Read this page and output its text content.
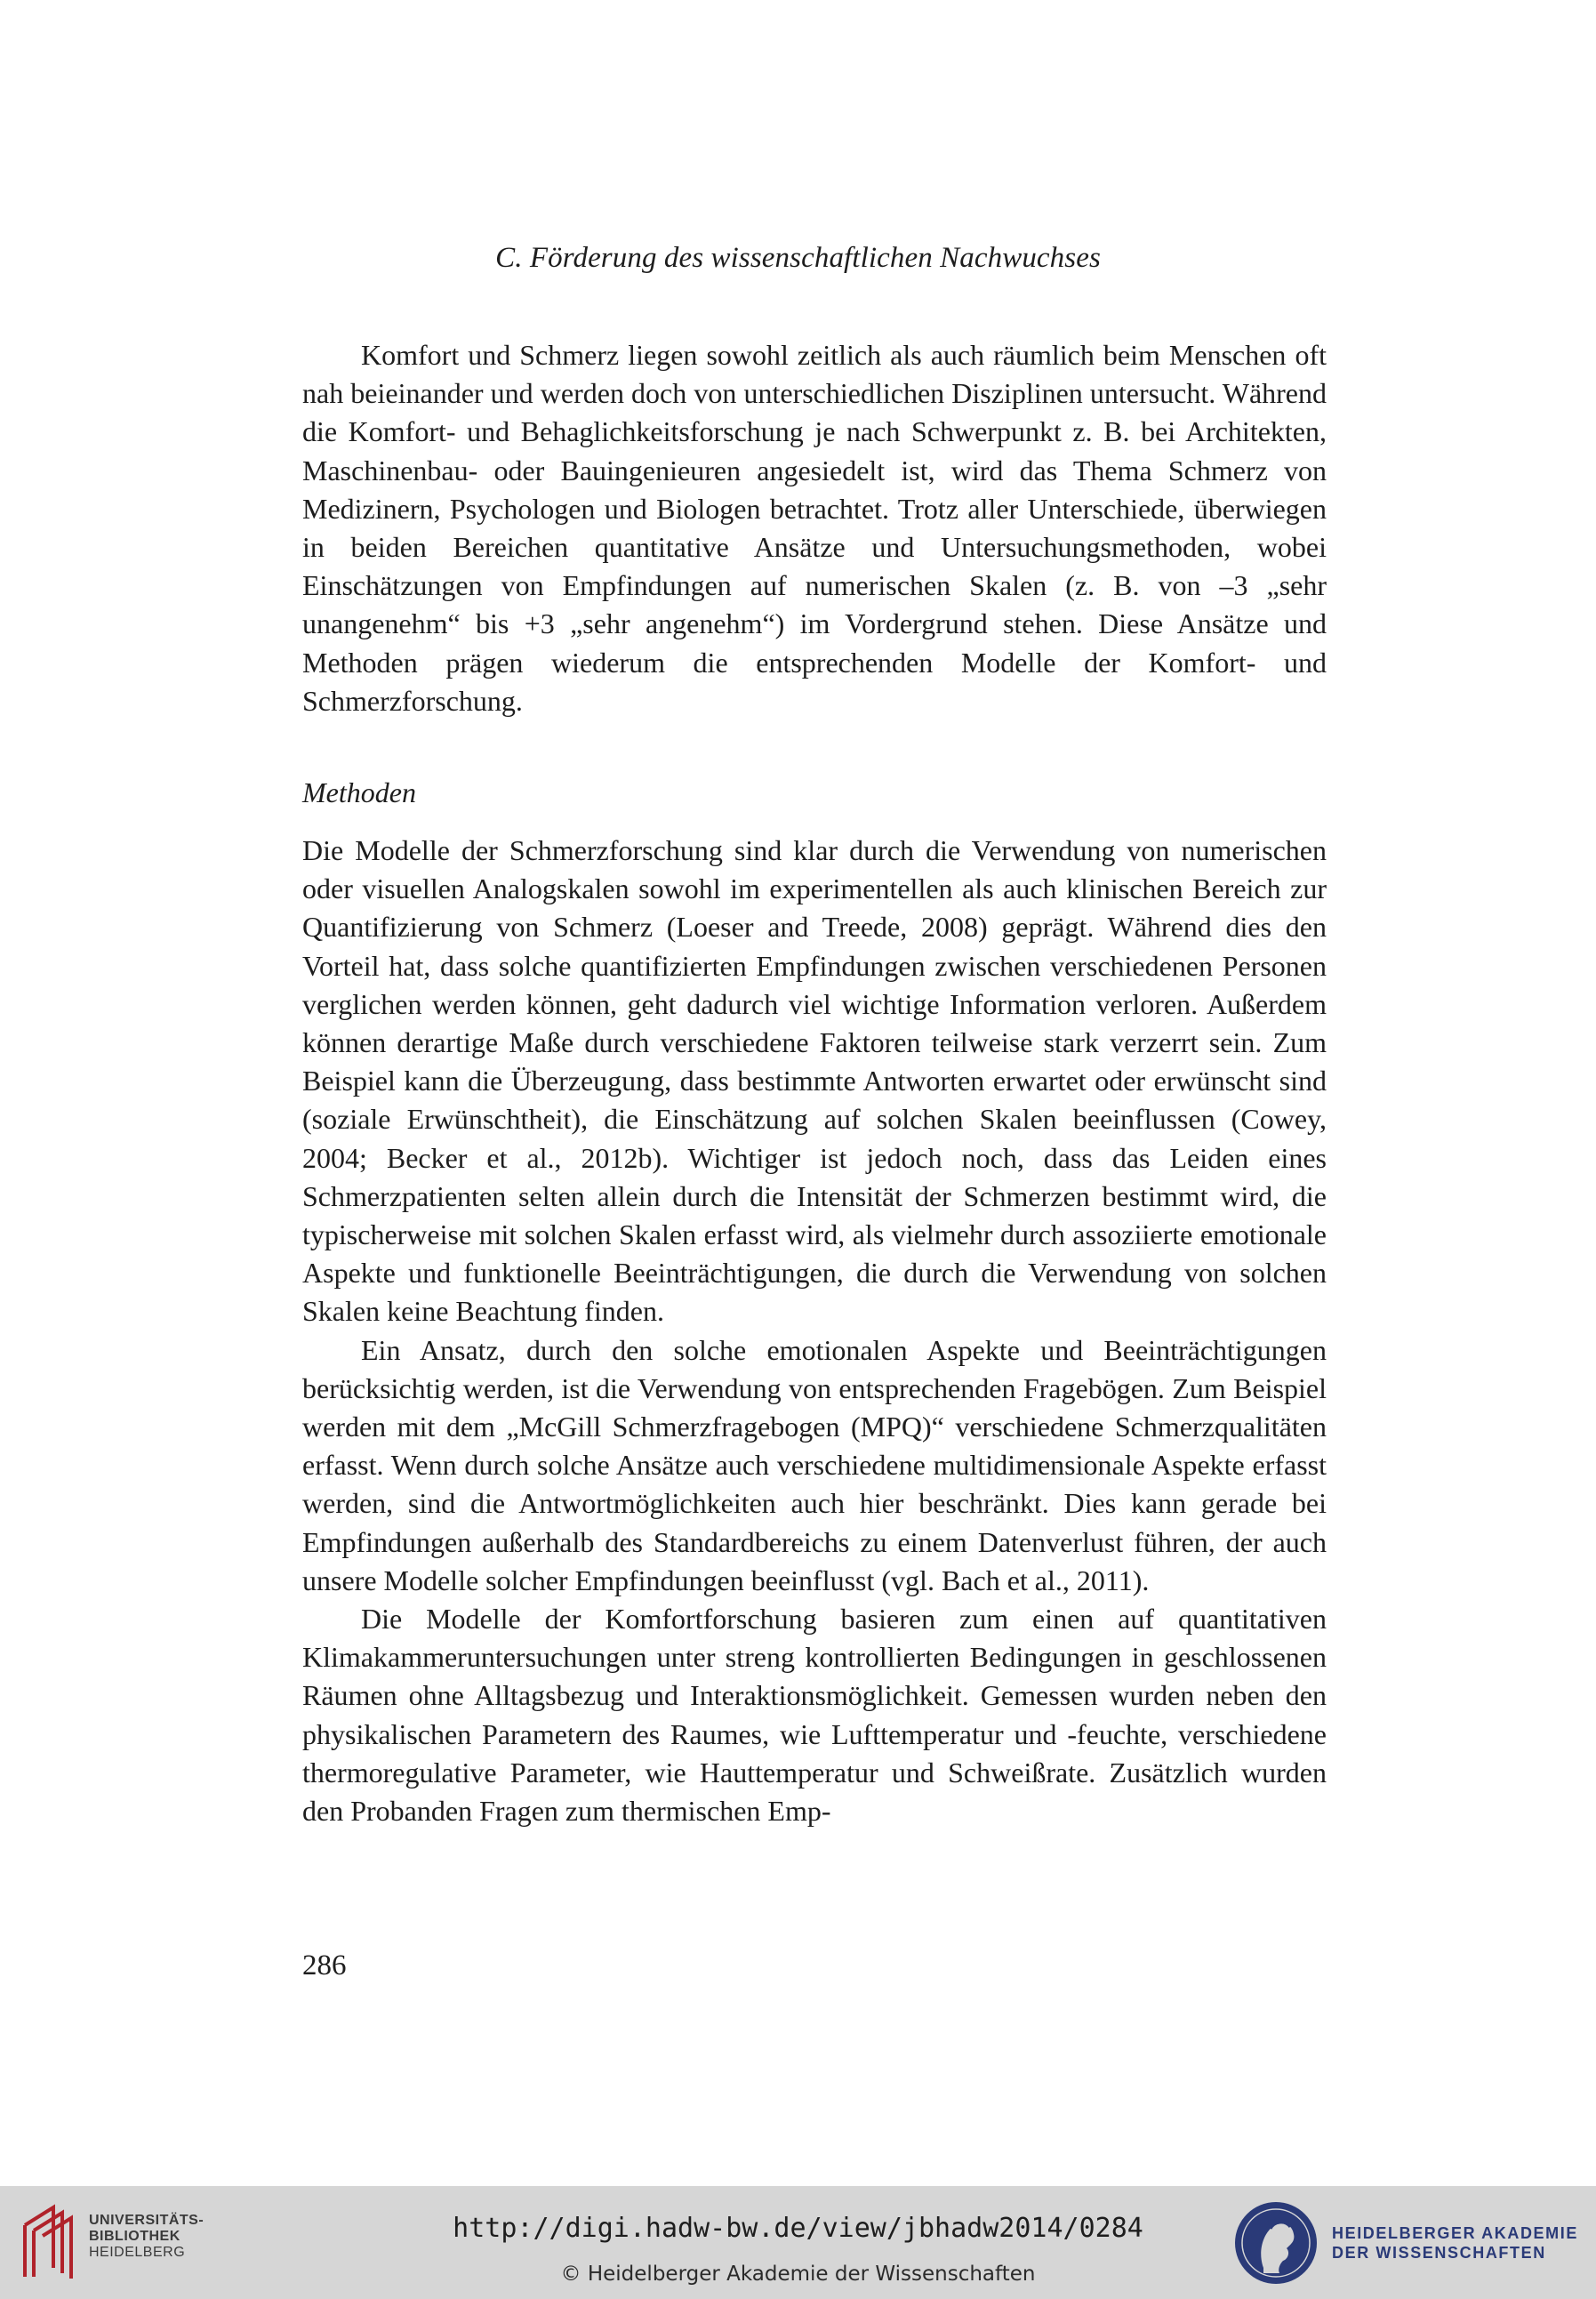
C. Förderung des wissenschaftlichen Nachwuchses

Komfort und Schmerz liegen sowohl zeitlich als auch räumlich beim Menschen oft nah beieinander und werden doch von unterschiedlichen Disziplinen untersucht. Während die Komfort- und Behaglichkeitsforschung je nach Schwerpunkt z. B. bei Architekten, Maschinenbau- oder Bauingenieuren angesiedelt ist, wird das Thema Schmerz von Medizinern, Psychologen und Biologen betrachtet. Trotz aller Unterschiede, überwiegen in beiden Bereichen quantitative Ansätze und Untersuchungsmethoden, wobei Einschätzungen von Empfindungen auf numerischen Skalen (z. B. von –3 „sehr unangenehm“ bis +3 „sehr angenehm“) im Vordergrund stehen. Diese Ansätze und Methoden prägen wiederum die entsprechenden Modelle der Komfort- und Schmerzforschung.

Methoden

Die Modelle der Schmerzforschung sind klar durch die Verwendung von numerischen oder visuellen Analogskalen sowohl im experimentellen als auch klinischen Bereich zur Quantifizierung von Schmerz (Loeser and Treede, 2008) geprägt. Während dies den Vorteil hat, dass solche quantifizierten Empfindungen zwischen verschiedenen Personen verglichen werden können, geht dadurch viel wichtige Information verloren. Außerdem können derartige Maße durch verschiedene Faktoren teilweise stark verzerrt sein. Zum Beispiel kann die Überzeugung, dass bestimmte Antworten erwartet oder erwünscht sind (soziale Erwünschtheit), die Einschätzung auf solchen Skalen beeinflussen (Cowey, 2004; Becker et al., 2012b). Wichtiger ist jedoch noch, dass das Leiden eines Schmerzpatienten selten allein durch die Intensität der Schmerzen bestimmt wird, die typischerweise mit solchen Skalen erfasst wird, als vielmehr durch assoziierte emotionale Aspekte und funktionelle Beeinträchtigungen, die durch die Verwendung von solchen Skalen keine Beachtung finden.

Ein Ansatz, durch den solche emotionalen Aspekte und Beeinträchtigungen berücksichtig werden, ist die Verwendung von entsprechenden Fragebögen. Zum Beispiel werden mit dem „McGill Schmerzfragebogen (MPQ)“ verschiedene Schmerzqualitäten erfasst. Wenn durch solche Ansätze auch verschiedene multidimensionale Aspekte erfasst werden, sind die Antwortmöglichkeiten auch hier beschränkt. Dies kann gerade bei Empfindungen außerhalb des Standardbereichs zu einem Datenverlust führen, der auch unsere Modelle solcher Empfindungen beeinflusst (vgl. Bach et al., 2011).

Die Modelle der Komfortforschung basieren zum einen auf quantitativen Klimakammeruntersuchungen unter streng kontrollierten Bedingungen in geschlossenen Räumen ohne Alltagsbezug und Interaktionsmöglichkeit. Gemessen wurden neben den physikalischen Parametern des Raumes, wie Lufttemperatur und -feuchte, verschiedene thermoregulative Parameter, wie Hauttemperatur und Schweißrate. Zusätzlich wurden den Probanden Fragen zum thermischen Emp-

286
UNIVERSITÄTS-
BIBLIOTHEK
HEIDELBERG
http://digi.hadw-bw.de/view/jbhadw2014/0284
© Heidelberger Akademie der Wissenschaften
HEIDELBERGER AKADEMIE
DER WISSENSCHAFTEN
